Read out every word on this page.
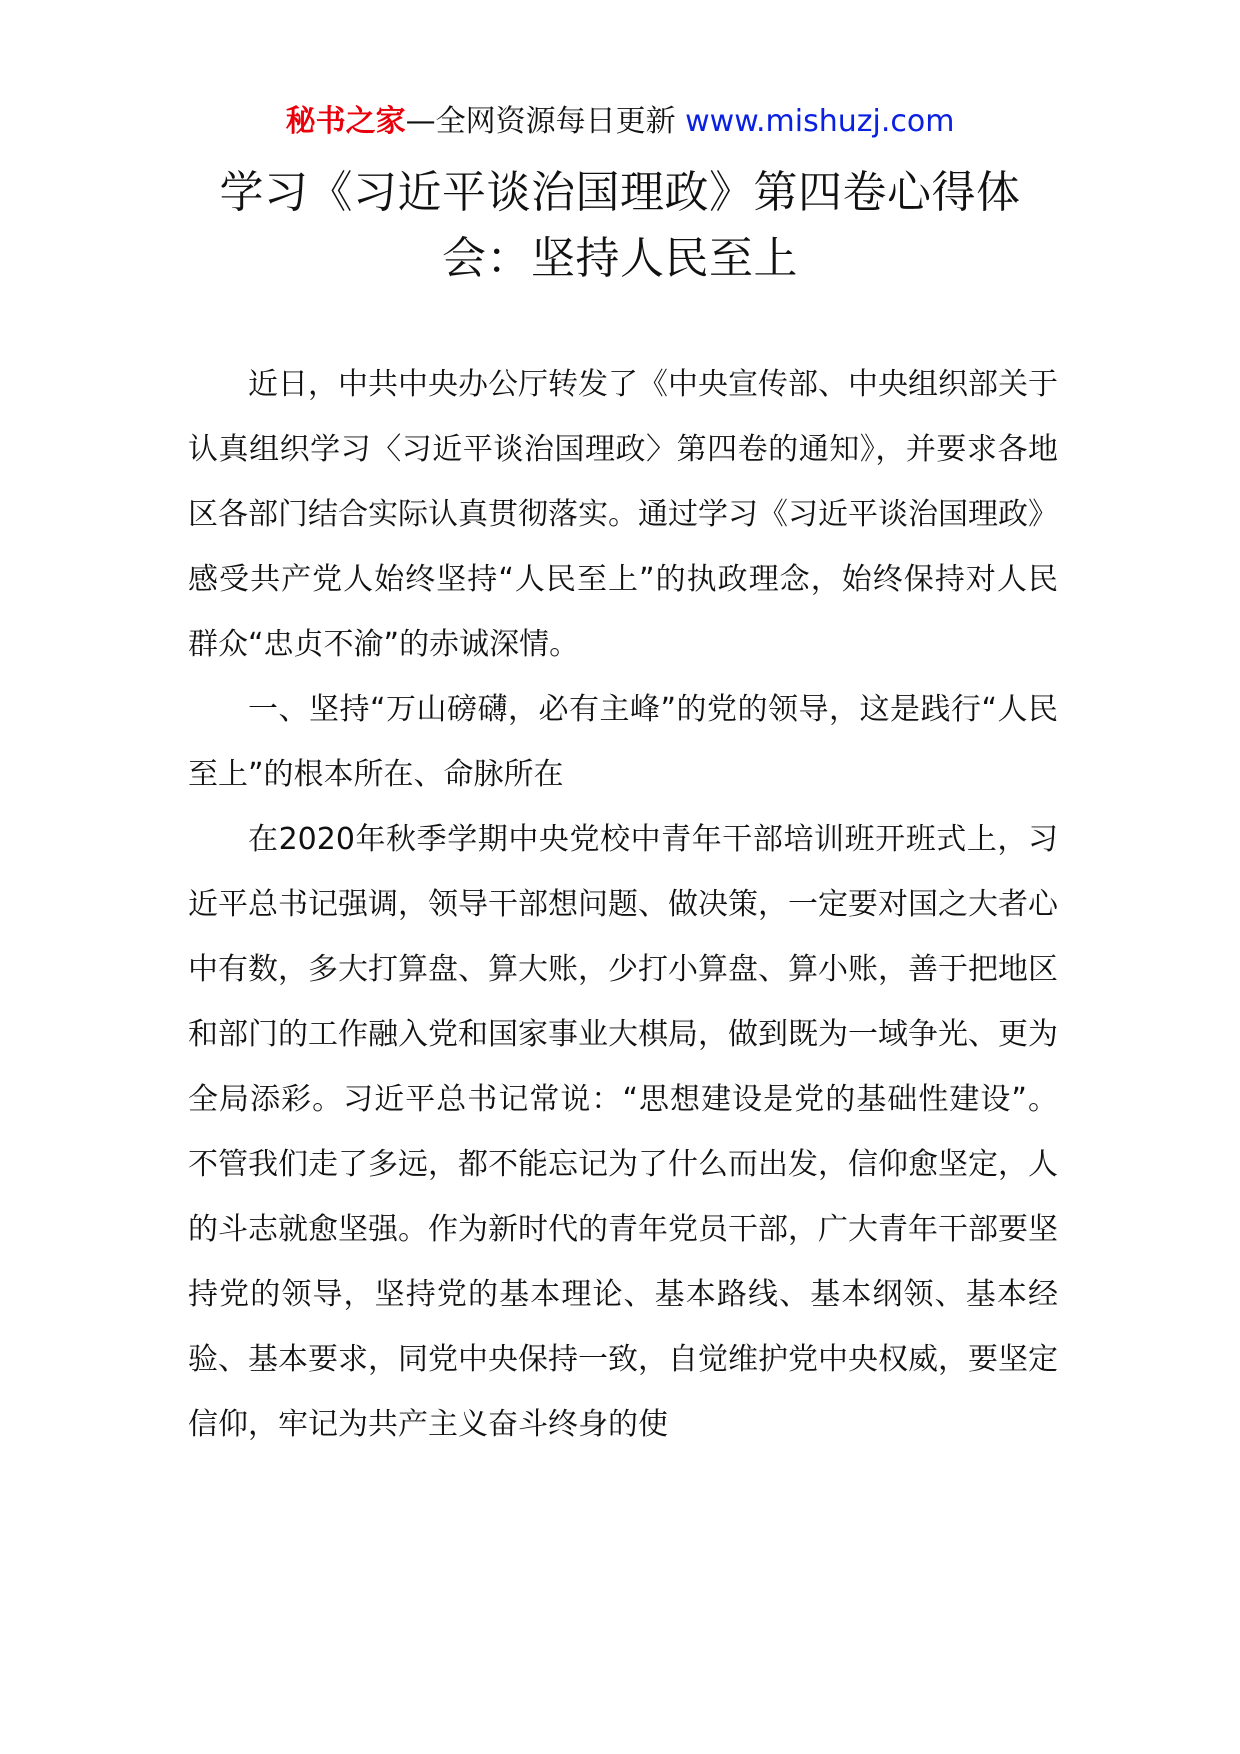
秘书之家—全网资源每日更新 www.mishuzj.com
学习《习近平谈治国理政》第四卷心得体
会：坚持人民至上

近日，中共中央办公厅转发了《中央宣传部、中央组织部关于认真组织学习〈习近平谈治国理政〉第四卷的通知》，并要求各地区各部门结合实际认真贯彻落实。通过学习《习近平谈治国理政》感受共产党人始终坚持“人民至上”的执政理念，始终保持对人民群众“忠贞不渝”的赤诚深情。

一、坚持“万山磅礴，必有主峰”的党的领导，这是践行“人民至上”的根本所在、命脉所在

在2020年秋季学期中央党校中青年干部培训班开班式上，习近平总书记强调，领导干部想问题、做决策，一定要对国之大者心中有数，多大打算盘、算大账，少打小算盘、算小账，善于把地区和部门的工作融入党和国家事业大棋局，做到既为一域争光、更为全局添彩。习近平总书记常说：“思想建设是党的基础性建设”。不管我们走了多远，都不能忘记为了什么而出发，信仰愈坚定，人的斗志就愈坚强。作为新时代的青年党员干部，广大青年干部要坚持党的领导，坚持党的基本理论、基本路线、基本纲领、基本经验、基本要求，同党中央保持一致，自觉维护党中央权威，要坚定信仰，牢记为共产主义奋斗终身的使
